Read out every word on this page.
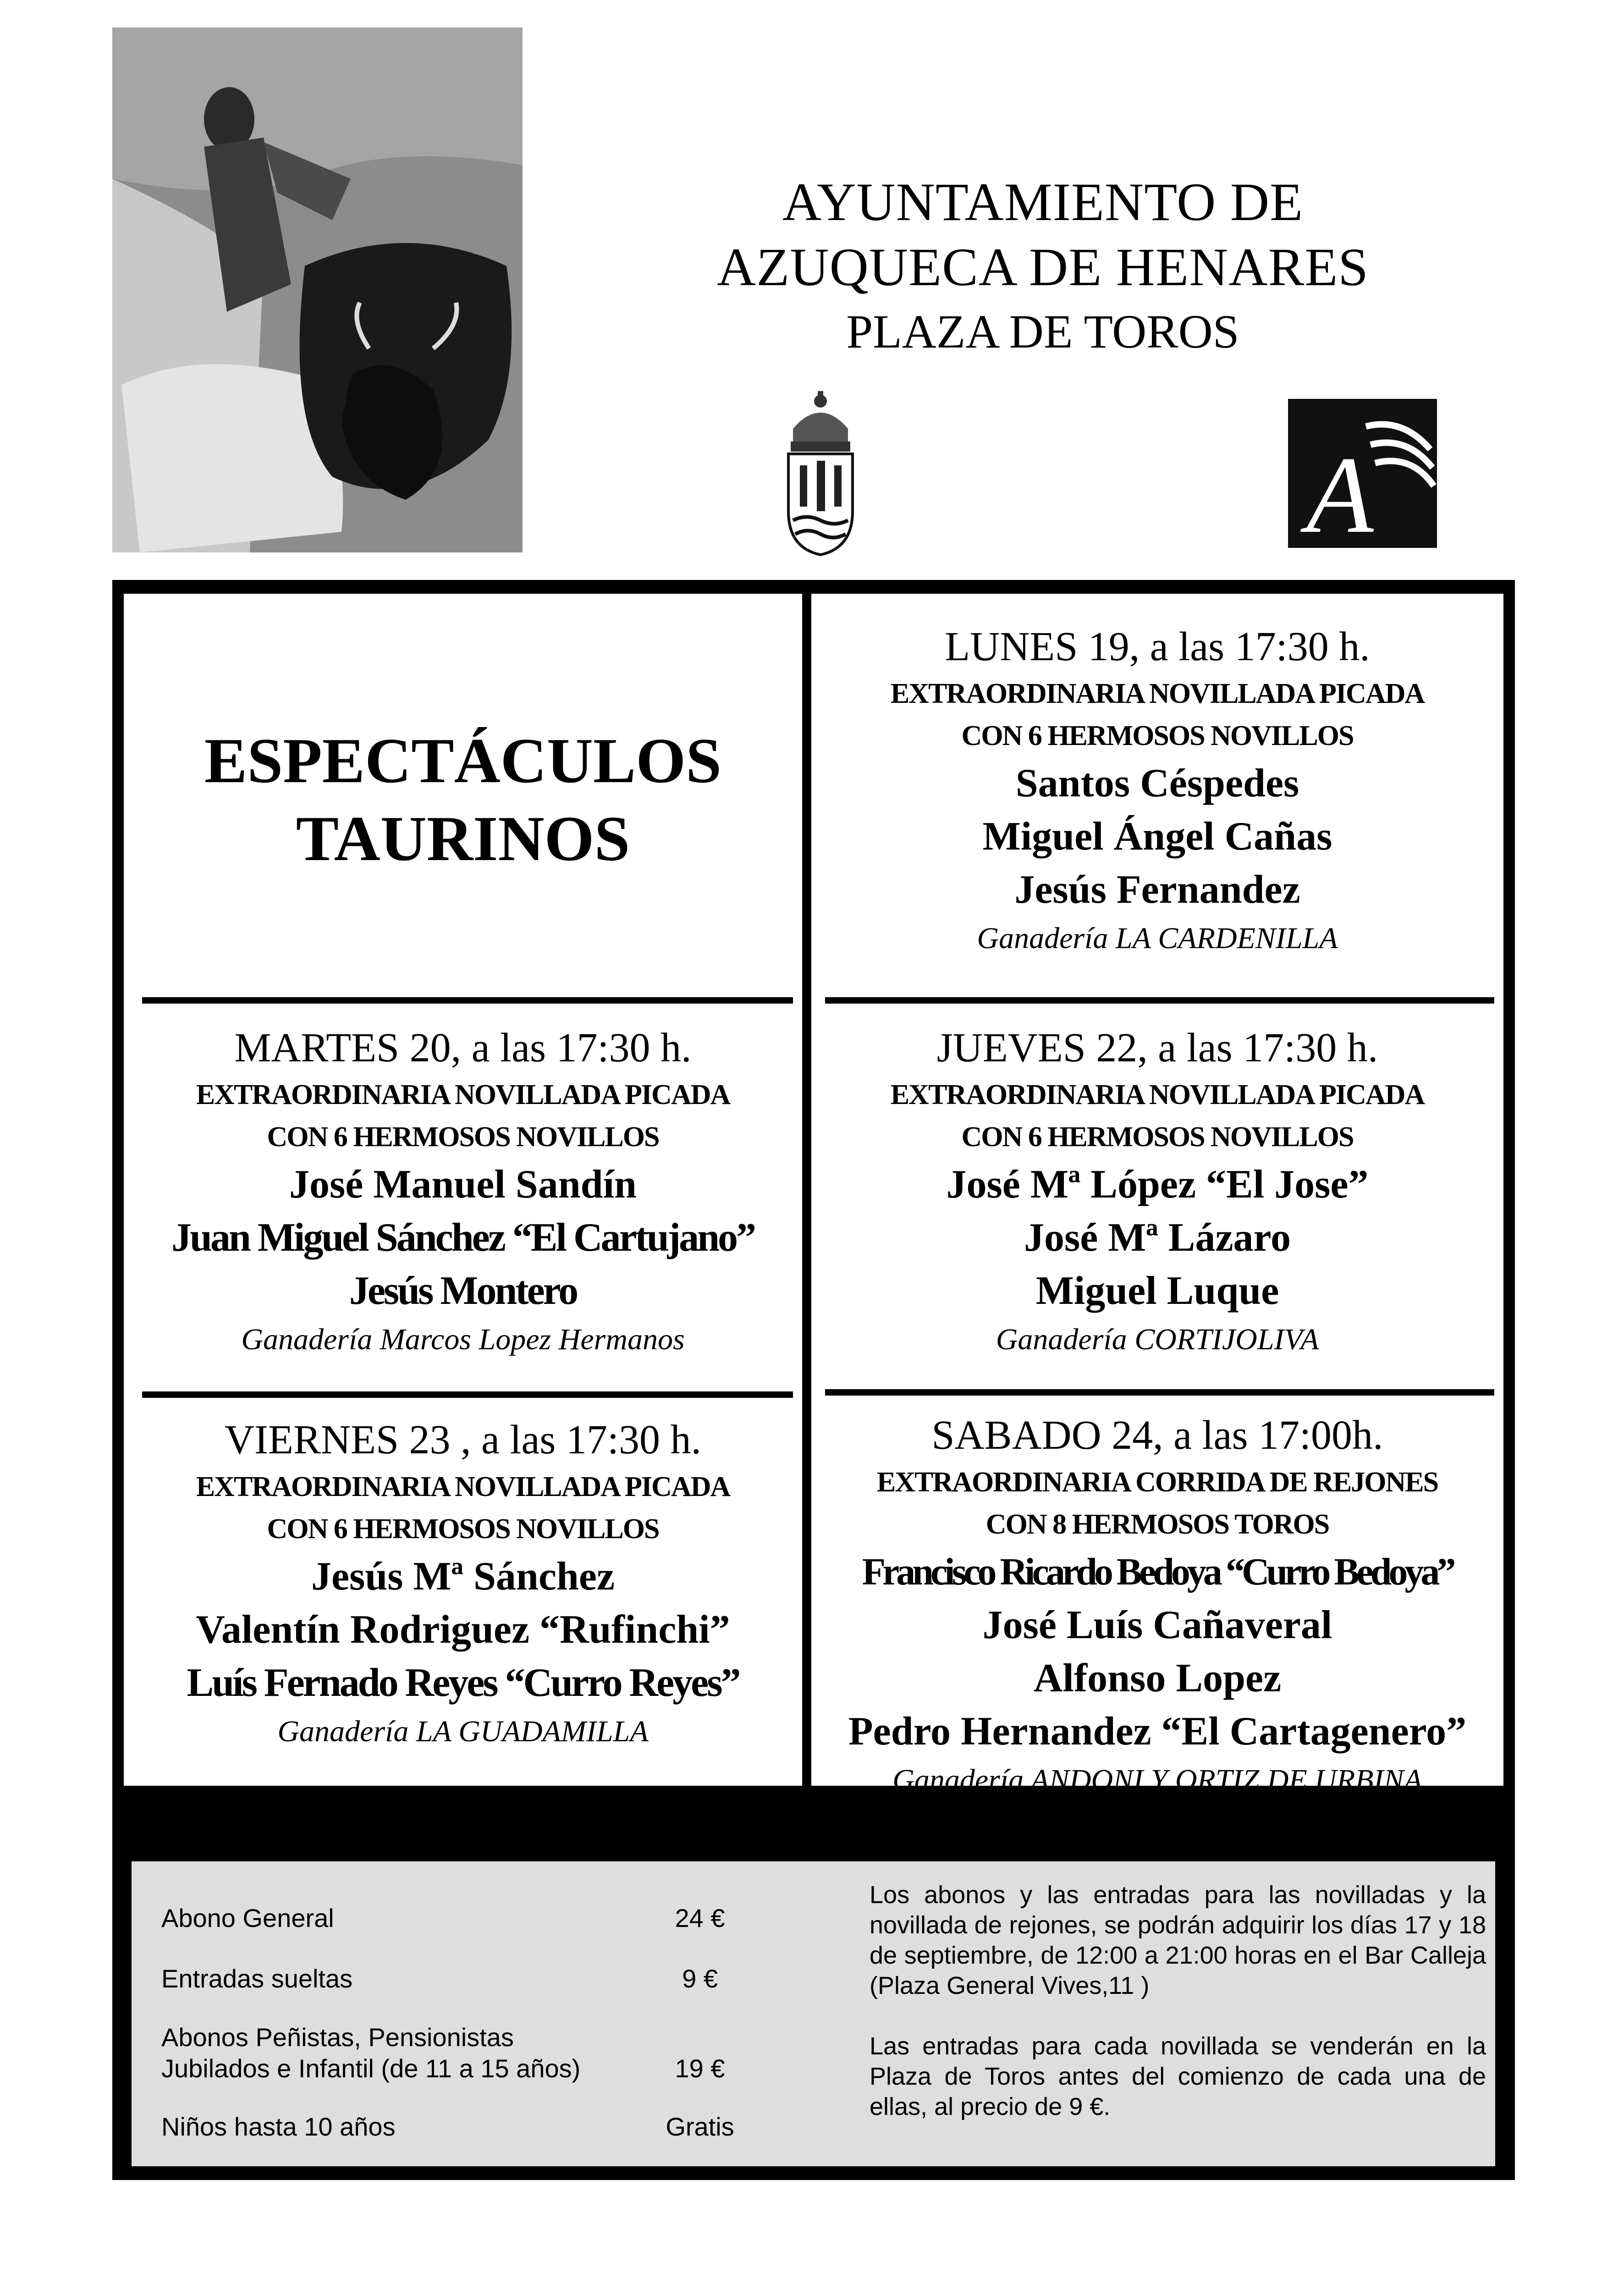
AYUNTAMIENTO DE
AZUQUECA DE HENARES
PLAZA DE TOROS
A
ESPECTÁCULOS
TAURINOS
MARTES 20, a las 17:30 h.
EXTRAORDINARIA NOVILLADA PICADA
CON 6 HERMOSOS NOVILLOS
José Manuel Sandín
Juan Miguel Sánchez “El Cartujano”
Jesús Montero
Ganadería Marcos Lopez Hermanos
VIERNES 23 , a las 17:30 h.
EXTRAORDINARIA NOVILLADA PICADA
CON 6 HERMOSOS NOVILLOS
Jesús Mª Sánchez
Valentín Rodriguez “Rufinchi”
Luís Fernado Reyes “Curro Reyes”
Ganadería LA GUADAMILLA
LUNES 19, a las 17:30 h.
EXTRAORDINARIA NOVILLADA PICADA
CON 6 HERMOSOS NOVILLOS
Santos Céspedes
Miguel Ángel Cañas
Jesús Fernandez
Ganadería LA CARDENILLA
JUEVES 22, a las 17:30 h.
EXTRAORDINARIA NOVILLADA PICADA
CON 6 HERMOSOS NOVILLOS
José Mª López “El Jose”
José Mª Lázaro
Miguel Luque
Ganadería CORTIJOLIVA
SABADO 24, a las 17:00h.
EXTRAORDINARIA CORRIDA DE REJONES
CON 8 HERMOSOS TOROS
Francisco Ricardo Bedoya “Curro Bedoya”
José Luís Cañaveral
Alfonso Lopez
Pedro Hernandez “El Cartagenero”
Ganadería ANDONI Y ORTIZ DE URBINA
Abono General	24 €
Entradas sueltas	9 €
Abonos Peñistas, Pensionistas
Jubilados e Infantil (de 11 a 15 años)	19 €
Niños hasta 10 años	Gratis
Los abonos y las entradas para las novilladas y la novillada de rejones, se podrán adquirir los días 17 y 18 de septiembre, de 12:00 a 21:00 horas en el Bar Calleja (Plaza General Vives,11 )
Las entradas para cada novillada se venderán en la Plaza de Toros antes del comienzo de cada una de ellas, al precio de 9 €.
